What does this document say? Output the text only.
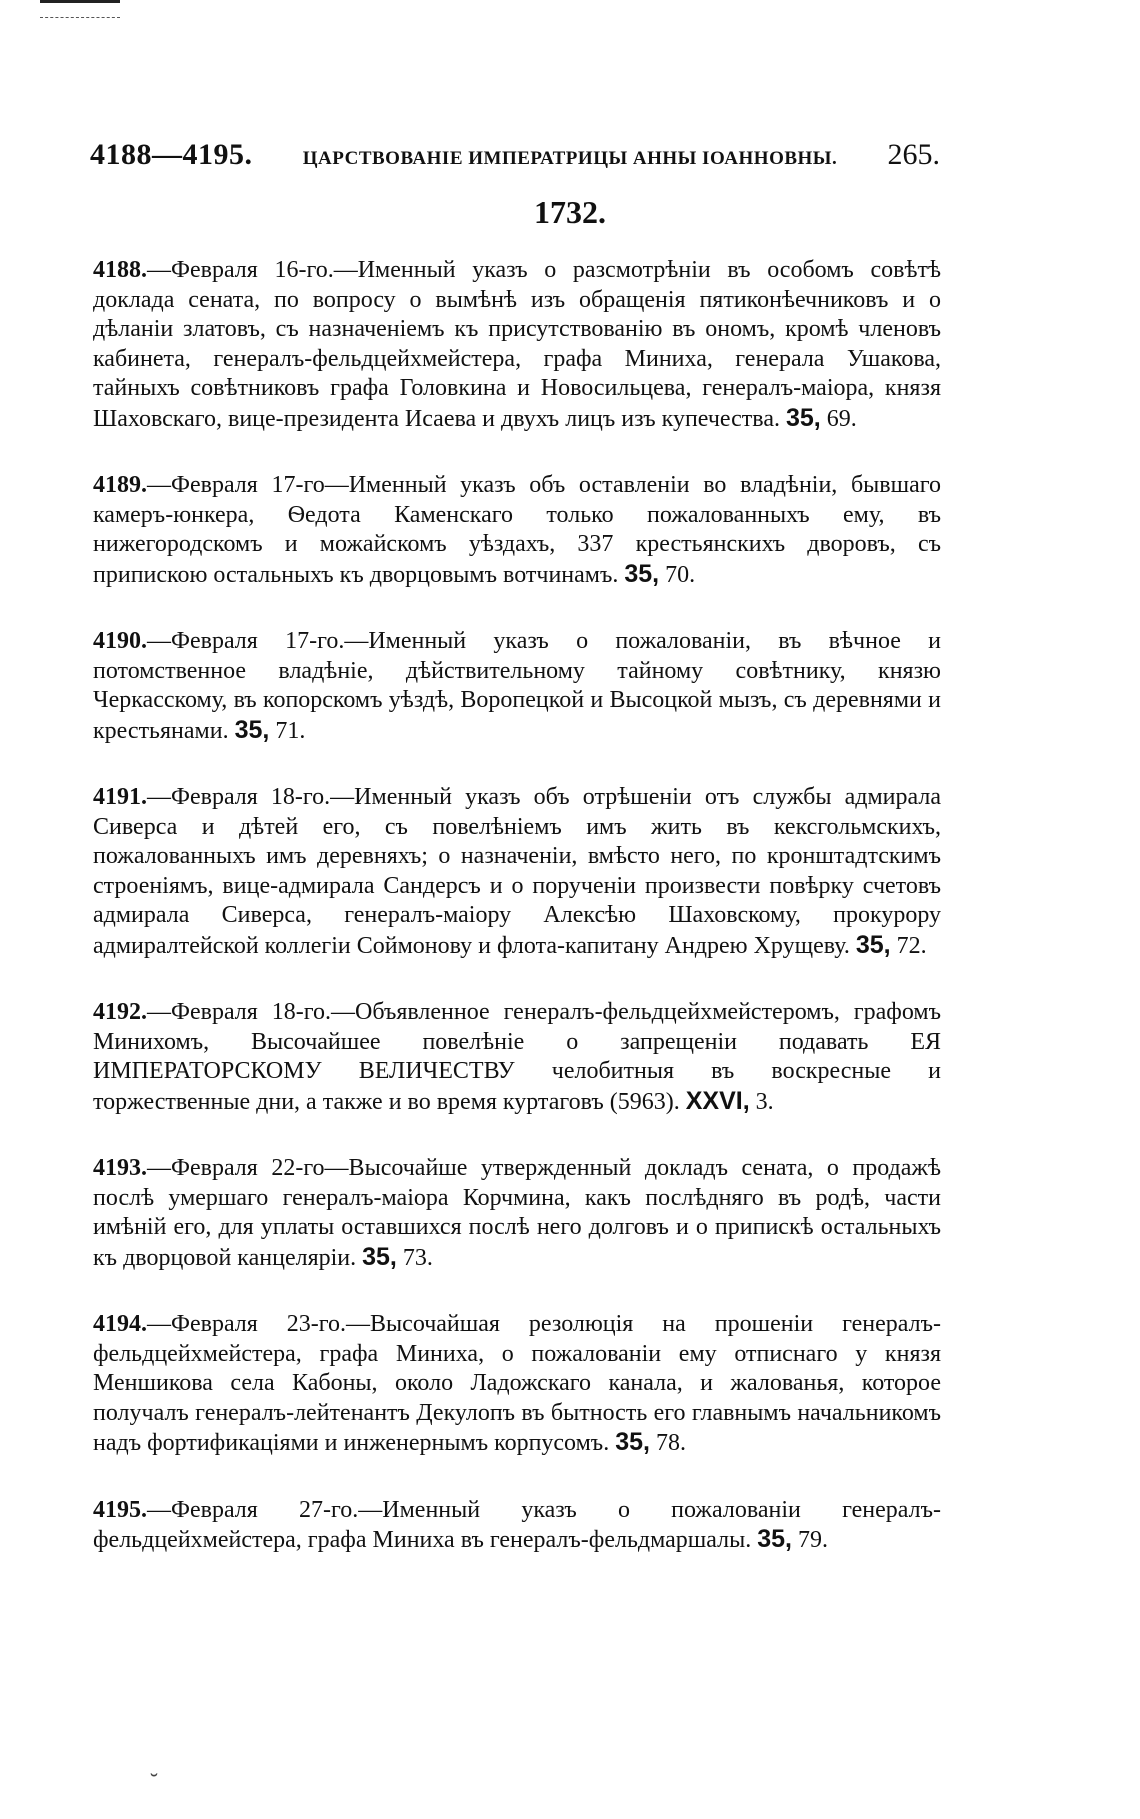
4188—4195.	ЦАРСТВОВАНІЕ ИМПЕРАТРИЦЫ АННЫ ІОАННОВНЫ. 265.
1732.

4188.—Февраля 16-го.—Именный указъ о разсмотрѣніи въ особомъ совѣтѣ доклада сената, по вопросу о вымѣнѣ изъ обращенія пятиконѣечниковъ и о дѣланіи златовъ, съ назначеніемъ къ присутствованію въ ономъ, кромѣ членовъ кабинета, генералъ-фельдцейхмейстера, графа Миниха, генерала Ушакова, тайныхъ совѣтниковъ графа Головкина и Новосильцева, генералъ-маіора, князя Шаховскаго, вице-президента Исаева и двухъ лицъ изъ купечества. 35, 69.

4189.—Февраля 17-го—Именный указъ объ оставленіи во владѣніи, бывшаго камеръ-юнкера, Ѳедота Каменскаго только пожалованныхъ ему, въ нижегородскомъ и можайскомъ уѣздахъ, 337 крестьянскихъ дворовъ, съ припискою остальныхъ къ дворцовымъ вотчинамъ. 35, 70.

4190.—Февраля 17-го.—Именный указъ о пожалованіи, въ вѣчное и потомственное владѣніе, дѣйствительному тайному совѣтнику, князю Черкасскому, въ копорскомъ уѣздѣ, Воропецкой и Высоцкой мызъ, съ деревнями и крестьянами. 35, 71.

4191.—Февраля 18-го.—Именный указъ объ отрѣшеніи отъ службы адмирала Сиверса и дѣтей его, съ повелѣніемъ имъ жить въ кексгольмскихъ, пожалованныхъ имъ деревняхъ; о назначеніи, вмѣсто него, по кронштадтскимъ строеніямъ, вице-адмирала Сандерсъ и о порученіи произвести повѣрку счетовъ адмирала Сиверса, генералъ-маіору Алексѣю Шаховскому, прокурору адмиралтейской коллегіи Соймонову и флота-капитану Андрею Хрущеву. 35, 72.

4192.—Февраля 18-го.—Объявленное генералъ-фельдцейхмейстеромъ, графомъ Минихомъ, Высочайшее повелѣніе о запрещеніи подавать ЕЯ ИМПЕРАТОРСКОМУ ВЕЛИЧЕСТВУ челобитныя въ воскресные и торжественные дни, а также и во время куртаговъ (5963). XXVI, 3.

4193.—Февраля 22-го—Высочайше утвержденный докладъ сената, о продажѣ послѣ умершаго генералъ-маіора Корчмина, какъ послѣдняго въ родѣ, части имѣній его, для уплаты оставшихся послѣ него долговъ и о припискѣ остальныхъ къ дворцовой канцеляріи. 35, 73.

4194.—Февраля 23-го.—Высочайшая резолюція на прошеніи генералъ-фельдцейхмейстера, графа Миниха, о пожалованіи ему отписнаго у князя Меншикова села Кабоны, около Ладожскаго канала, и жалованья, которое получалъ генералъ-лейтенантъ Декулопъ въ бытность его главнымъ начальникомъ надъ фортификаціями и инженернымъ корпусомъ. 35, 78.

4195.—Февраля 27-го.—Именный указъ о пожалованіи генералъ-фельдцейхмейстера, графа Миниха въ генералъ-фельдмаршалы. 35, 79.

˘
